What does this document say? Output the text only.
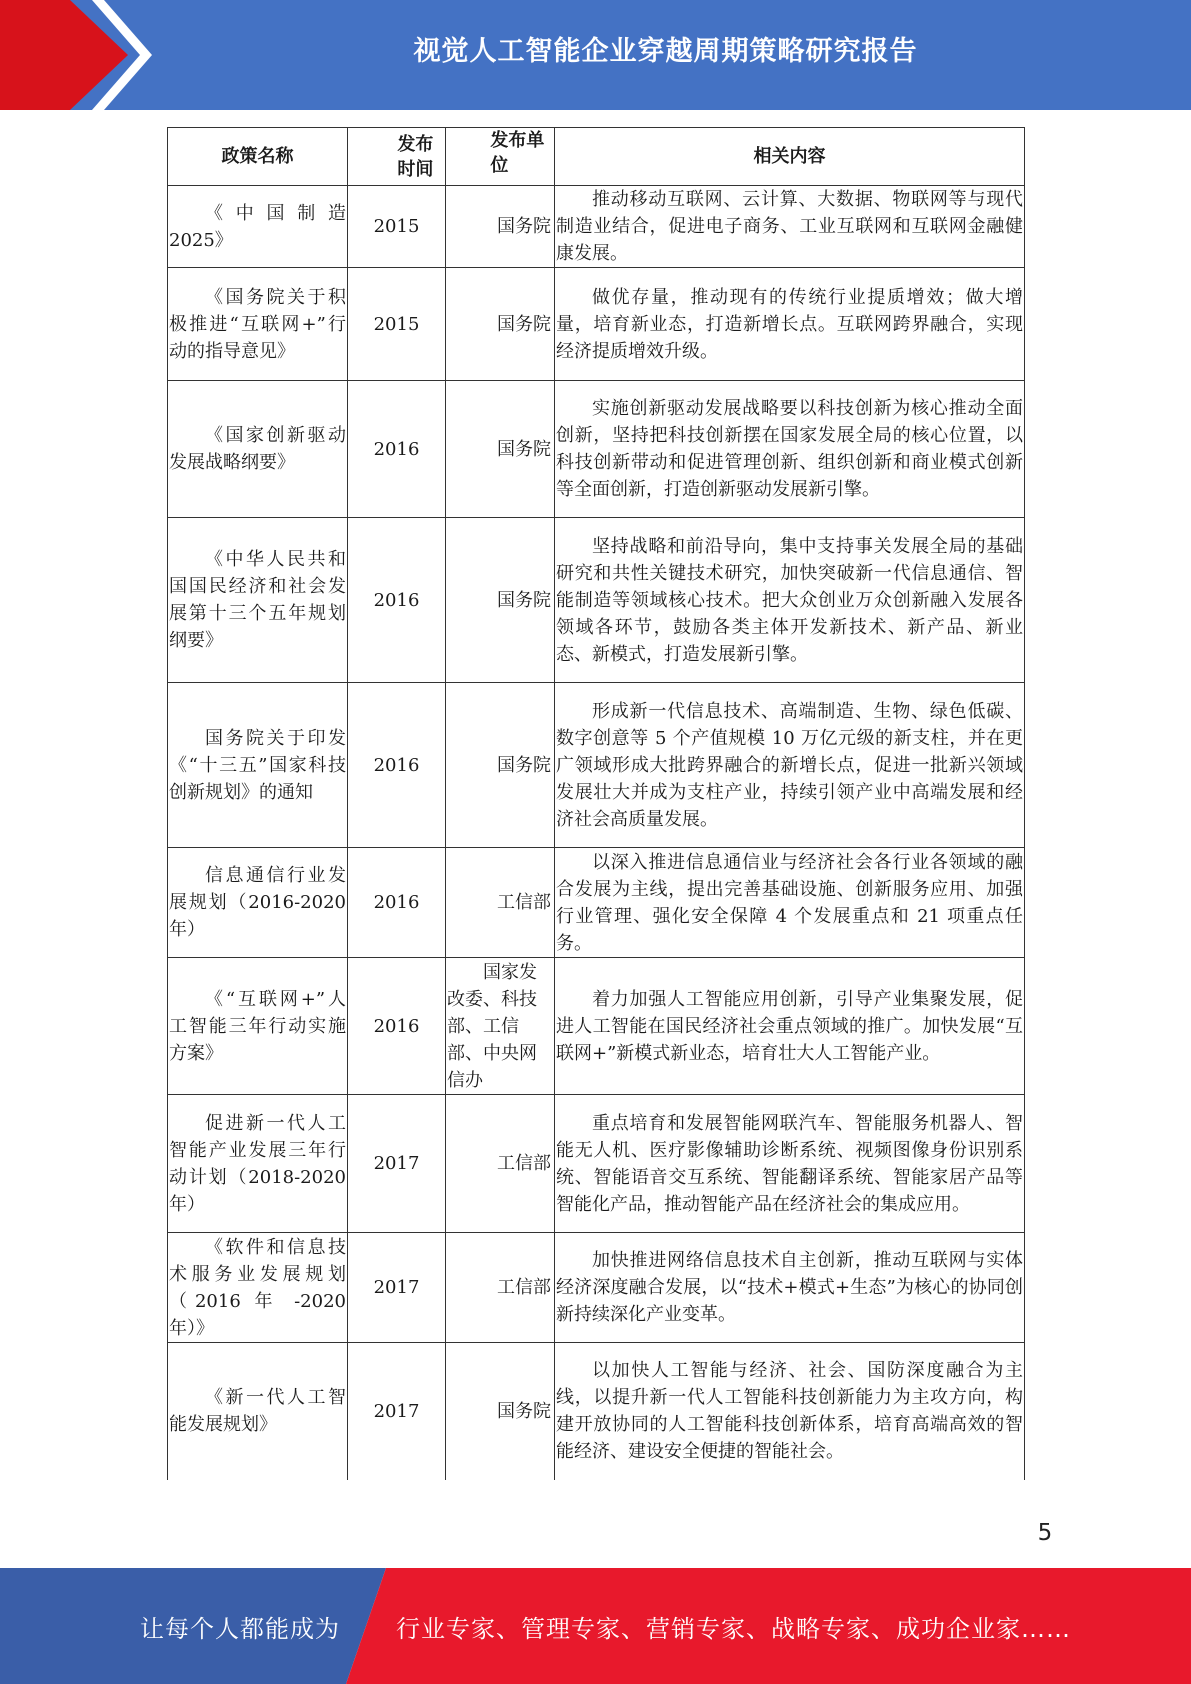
视觉人工智能企业穿越周期策略研究报告
政策名称	发布时间	发布单位	相关内容

《中国制造2025》	2015	国务院	推动移动互联网、云计算、大数据、物联网等与现代制造业结合，促进电子商务、工业互联网和互联网金融健康发展。

《国务院关于积极推进“互联网+”行动的指导意见》	2015	国务院	做优存量，推动现有的传统行业提质增效；做大增量，培育新业态，打造新增长点。互联网跨界融合，实现经济提质增效升级。

《国家创新驱动发展战略纲要》	2016	国务院	实施创新驱动发展战略要以科技创新为核心推动全面创新，坚持把科技创新摆在国家发展全局的核心位置，以科技创新带动和促进管理创新、组织创新和商业模式创新等全面创新，打造创新驱动发展新引擎。

《中华人民共和国国民经济和社会发展第十三个五年规划纲要》	2016	国务院	坚持战略和前沿导向，集中支持事关发展全局的基础研究和共性关键技术研究，加快突破新一代信息通信、智能制造等领域核心技术。把大众创业万众创新融入发展各领域各环节，鼓励各类主体开发新技术、新产品、新业态、新模式，打造发展新引擎。

国务院关于印发《“十三五”国家科技创新规划》的通知	2016	国务院	形成新一代信息技术、高端制造、生物、绿色低碳、数字创意等 5 个产值规模 10 万亿元级的新支柱，并在更广领域形成大批跨界融合的新增长点，促进一批新兴领域发展壮大并成为支柱产业，持续引领产业中高端发展和经济社会高质量发展。

信息通信行业发展规划（2016-2020 年）	2016	工信部	以深入推进信息通信业与经济社会各行业各领域的融合发展为主线，提出完善基础设施、创新服务应用、加强行业管理、强化安全保障 4 个发展重点和 21 项重点任务。

《“互联网+”人工智能三年行动实施方案》	2016	国家发改委、科技部、工信部、中央网信办	着力加强人工智能应用创新，引导产业集聚发展，促进人工智能在国民经济社会重点领域的推广。加快发展“互联网+”新模式新业态，培育壮大人工智能产业。

促进新一代人工智能产业发展三年行动计划（2018-2020 年）	2017	工信部	重点培育和发展智能网联汽车、智能服务机器人、智能无人机、医疗影像辅助诊断系统、视频图像身份识别系统、智能语音交互系统、智能翻译系统、智能家居产品等智能化产品，推动智能产品在经济社会的集成应用。

《软件和信息技术服务业发展规划（2016 年 -2020 年）》	2017	工信部	加快推进网络信息技术自主创新，推动互联网与实体经济深度融合发展，以“技术+模式+生态”为核心的协同创新持续深化产业变革。

《新一代人工智能发展规划》	2017	国务院	以加快人工智能与经济、社会、国防深度融合为主线，以提升新一代人工智能科技创新能力为主攻方向，构建开放协同的人工智能科技创新体系，培育高端高效的智能经济、建设安全便捷的智能社会。
5
让每个人都能成为 行业专家、管理专家、营销专家、战略专家、成功企业家……
